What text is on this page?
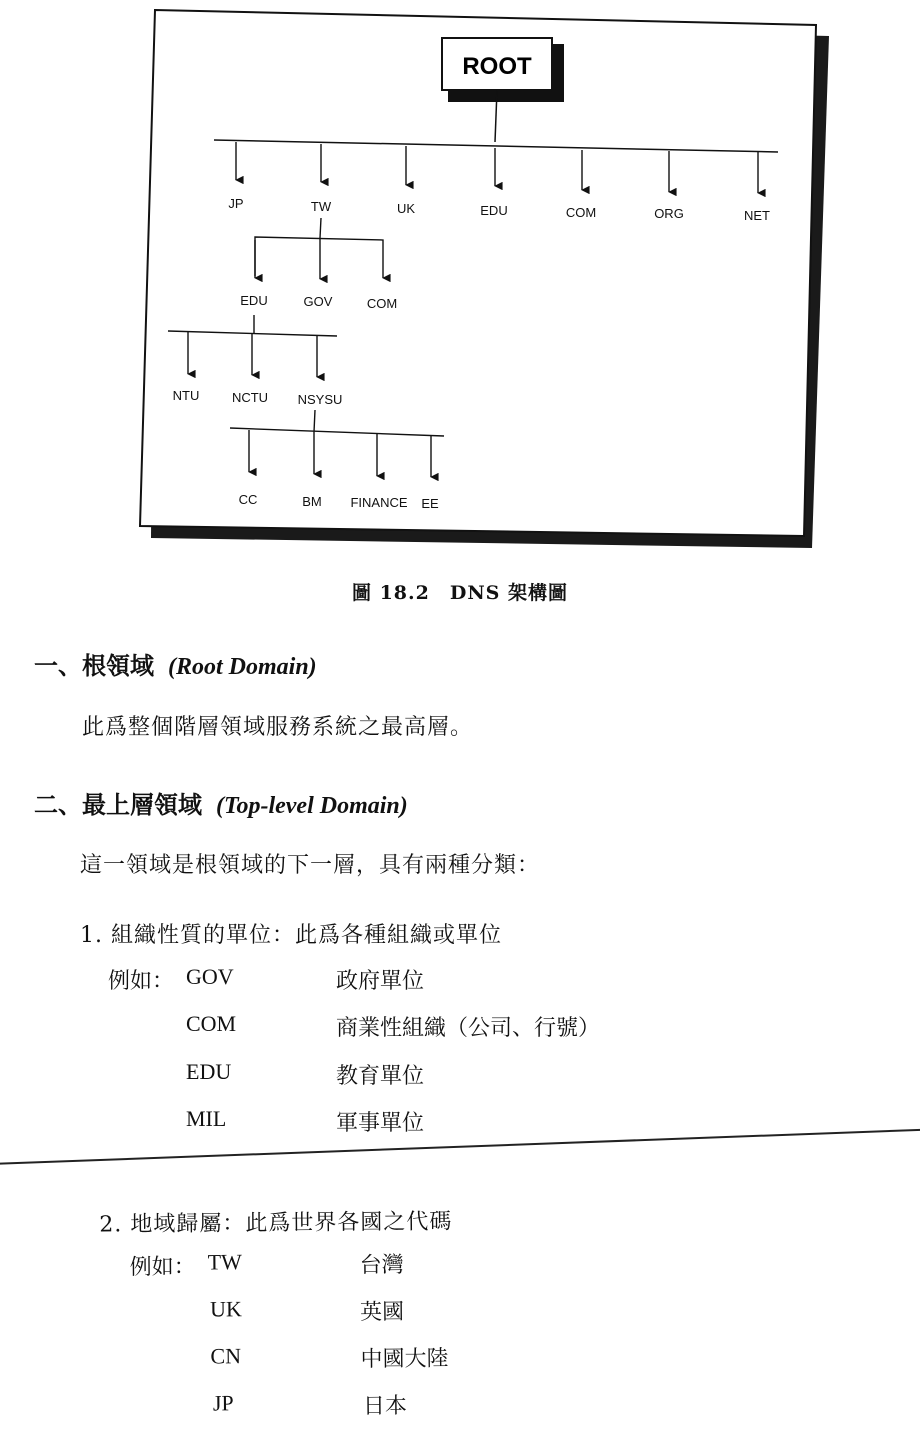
ROOT
JP	TW	UK	EDU	COM	ORG	NET
EDU	GOV	COM
NTU	NCTU NSYSU
CC	BM FINANCE EE
圖 18.2　DNS 架構圖
一、根領域 (Root Domain)
此爲整個階層領域服務系統之最高層。
二、最上層領域 (Top-level Domain)
這一領域是根領域的下一層，具有兩種分類：
1. 組織性質的單位：此爲各種組織或單位
例如： GOV	政府單位
COM	商業性組織（公司、行號）
EDU	教育單位
MIL	軍事單位
2. 地域歸屬：此爲世界各國之代碼
例如： TW	台灣
UK	英國
CN	中國大陸
JP	日本
